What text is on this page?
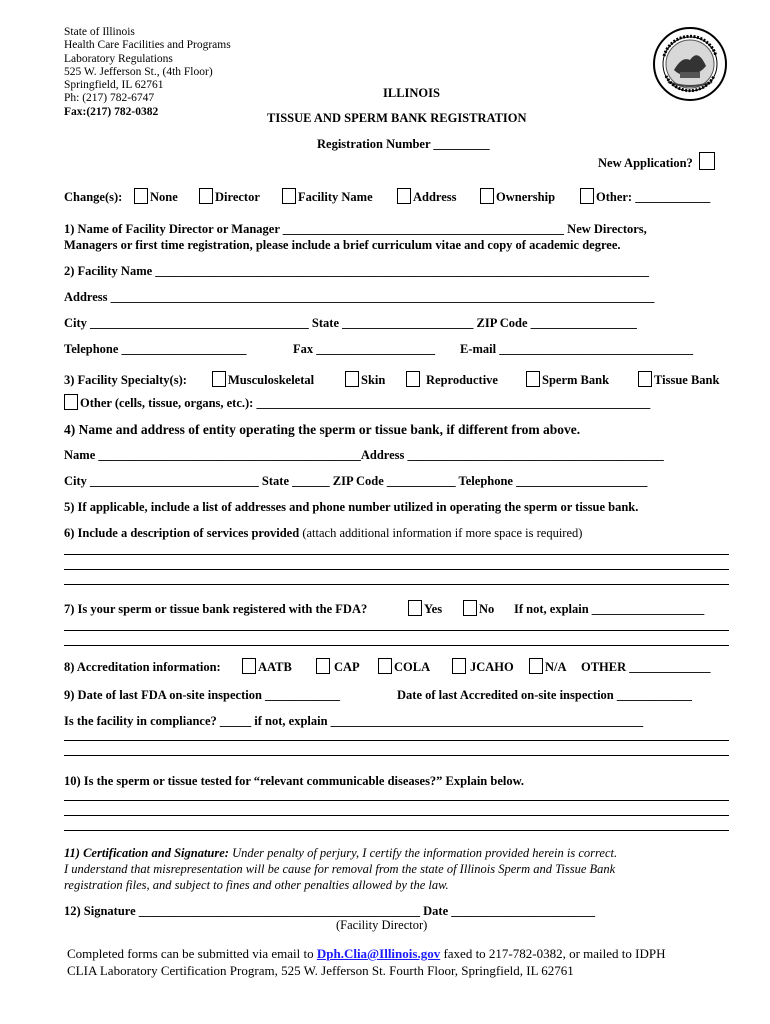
State of Illinois
Health Care Facilities and Programs
Laboratory Regulations
525 W. Jefferson St., (4th Floor)
Springfield, IL 62761
Ph: (217) 782-6747
Fax:(217) 782-0382
ILLINOIS
TISSUE AND SPERM BANK REGISTRATION
Registration Number _________
New Application?
Change(s):	None	Director	Facility Name	Address	Ownership	Other: ____________
1) Name of Facility Director or Manager _____________________________________________ New Directors,
Managers or first time registration, please include a brief curriculum vitae and copy of academic degree.
2) Facility Name _______________________________________________________________________________
Address _______________________________________________________________________________________
City ___________________________________ State _____________________ ZIP Code _________________
Telephone ____________________	Fax ___________________ E-mail _______________________________
3) Facility Specialty(s):	Musculoskeletal	Skin	Reproductive	Sperm Bank	Tissue Bank
Other (cells, tissue, organs, etc.): _______________________________________________________________
4) Name and address of entity operating the sperm or tissue bank, if different from above.
Name __________________________________________Address _________________________________________
City ___________________________ State ______ ZIP Code ___________ Telephone _____________________
5) If applicable, include a list of addresses and phone number utilized in operating the sperm or tissue bank.
6) Include a description of services provided (attach additional information if more space is required)
7) Is your sperm or tissue bank registered with the FDA?	Yes	No If not, explain __________________
8) Accreditation information:	AATB	CAP	COLA	JCAHO	N/A OTHER _____________
9) Date of last FDA on-site inspection ____________	Date of last Accredited on-site inspection ____________
Is the facility in compliance? _____ if not, explain __________________________________________________
10) Is the sperm or tissue tested for “relevant communicable diseases?” Explain below.
11) Certification and Signature: Under penalty of perjury, I certify the information provided herein is correct.
I understand that misrepresentation will be cause for removal from the state of Illinois Sperm and Tissue Bank
registration files, and subject to fines and other penalties allowed by the law.
12) Signature _____________________________________________ Date _______________________
(Facility Director)
Completed forms can be submitted via email to Dph.Clia@Illinois.gov faxed to 217-782-0382, or mailed to IDPH
CLIA Laboratory Certification Program, 525 W. Jefferson St. Fourth Floor, Springfield, IL 62761
